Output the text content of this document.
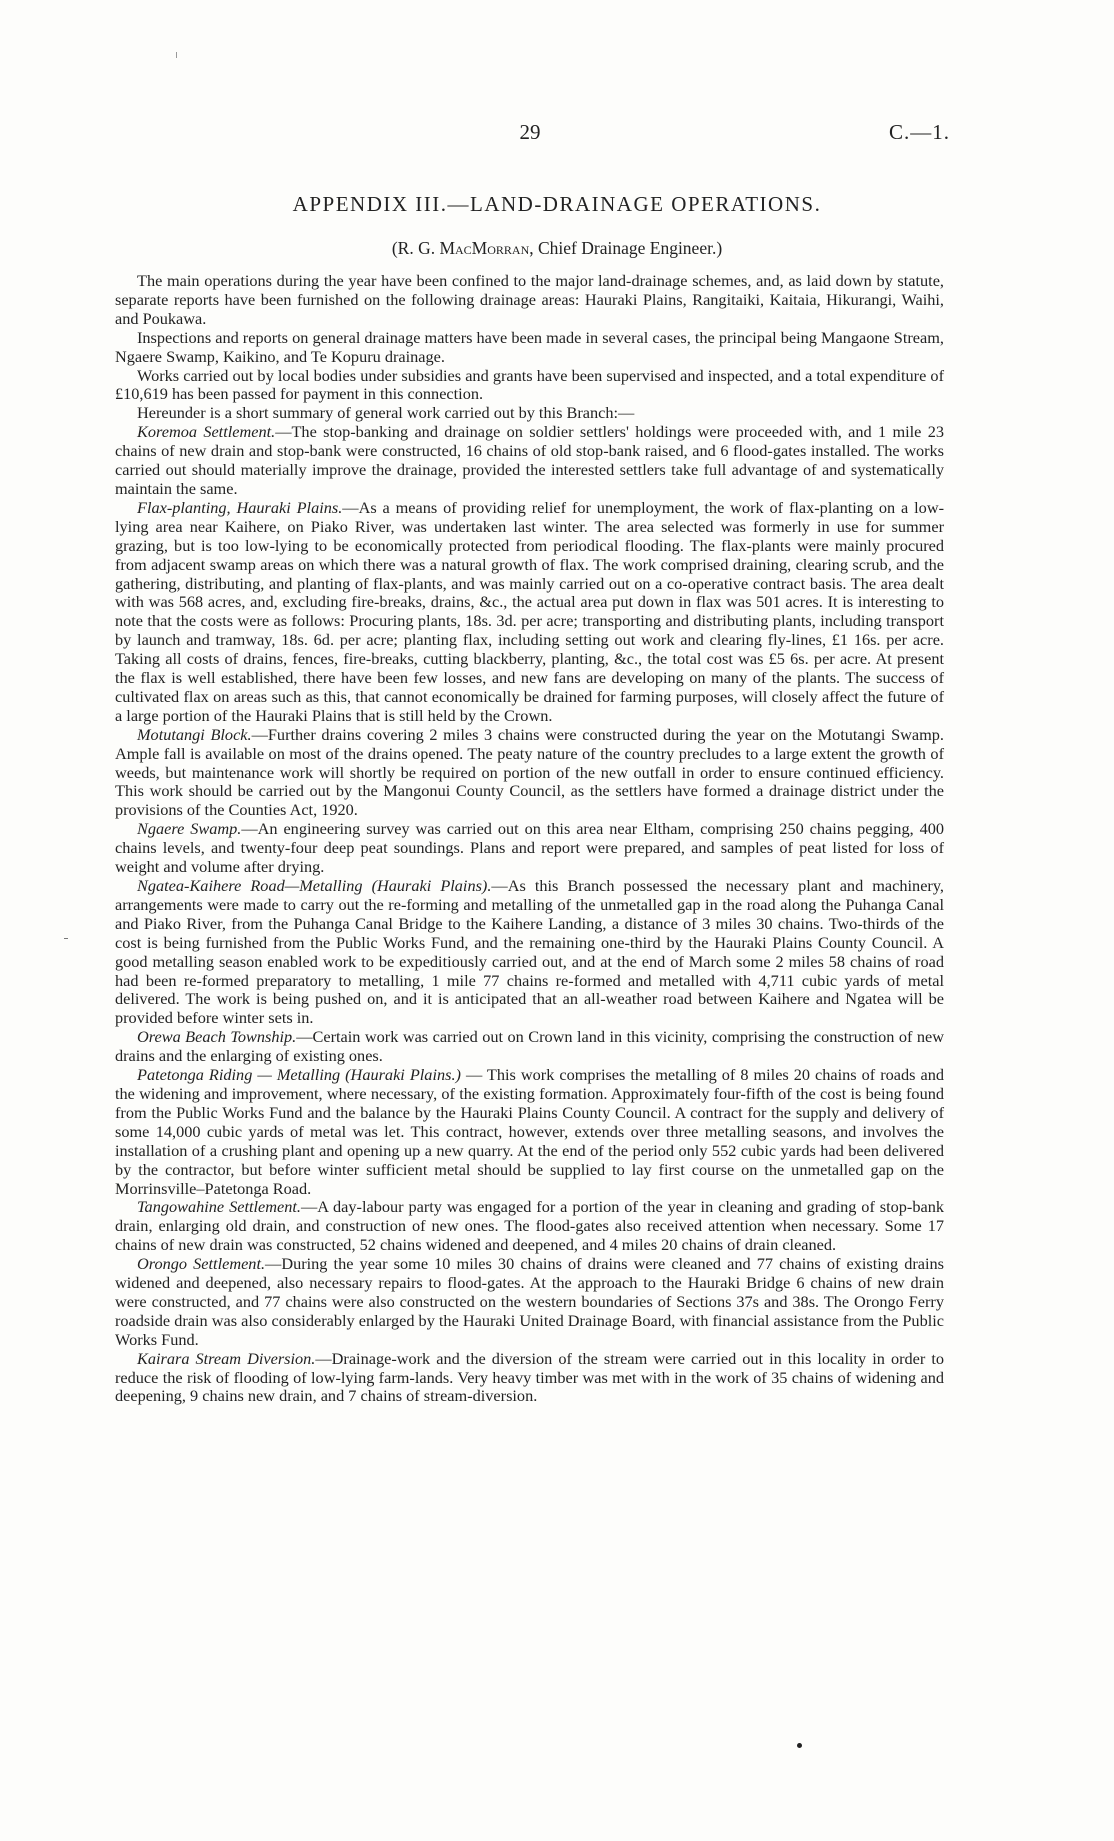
29	C.—1.
APPENDIX III.—LAND-DRAINAGE OPERATIONS.

(R. G. MacMorran, Chief Drainage Engineer.)

The main operations during the year have been confined to the major land-drainage schemes, and, as laid down by statute, separate reports have been furnished on the following drainage areas: Hauraki Plains, Rangitaiki, Kaitaia, Hikurangi, Waihi, and Poukawa.

Inspections and reports on general drainage matters have been made in several cases, the principal being Mangaone Stream, Ngaere Swamp, Kaikino, and Te Kopuru drainage.

Works carried out by local bodies under subsidies and grants have been supervised and inspected, and a total expenditure of £10,619 has been passed for payment in this connection.

Hereunder is a short summary of general work carried out by this Branch:—

Koremoa Settlement.—The stop-banking and drainage on soldier settlers' holdings were proceeded with, and 1 mile 23 chains of new drain and stop-bank were constructed, 16 chains of old stop-bank raised, and 6 flood-gates installed. The works carried out should materially improve the drainage, provided the interested settlers take full advantage of and systematically maintain the same.

Flax-planting, Hauraki Plains.—As a means of providing relief for unemployment, the work of flax-planting on a low-lying area near Kaihere, on Piako River, was undertaken last winter. The area selected was formerly in use for summer grazing, but is too low-lying to be economically protected from periodical flooding. The flax-plants were mainly procured from adjacent swamp areas on which there was a natural growth of flax. The work comprised draining, clearing scrub, and the gathering, distributing, and planting of flax-plants, and was mainly carried out on a co-operative contract basis. The area dealt with was 568 acres, and, excluding fire-breaks, drains, &c., the actual area put down in flax was 501 acres. It is interesting to note that the costs were as follows: Procuring plants, 18s. 3d. per acre; transporting and distributing plants, including transport by launch and tramway, 18s. 6d. per acre; planting flax, including setting out work and clearing fly-lines, £1 16s. per acre. Taking all costs of drains, fences, fire-breaks, cutting blackberry, planting, &c., the total cost was £5 6s. per acre. At present the flax is well established, there have been few losses, and new fans are developing on many of the plants. The success of cultivated flax on areas such as this, that cannot economically be drained for farming purposes, will closely affect the future of a large portion of the Hauraki Plains that is still held by the Crown.

Motutangi Block.—Further drains covering 2 miles 3 chains were constructed during the year on the Motutangi Swamp. Ample fall is available on most of the drains opened. The peaty nature of the country precludes to a large extent the growth of weeds, but maintenance work will shortly be required on portion of the new outfall in order to ensure continued efficiency. This work should be carried out by the Mangonui County Council, as the settlers have formed a drainage district under the provisions of the Counties Act, 1920.

Ngaere Swamp.—An engineering survey was carried out on this area near Eltham, comprising 250 chains pegging, 400 chains levels, and twenty-four deep peat soundings. Plans and report were prepared, and samples of peat listed for loss of weight and volume after drying.

Ngatea-Kaihere Road—Metalling (Hauraki Plains).—As this Branch possessed the necessary plant and machinery, arrangements were made to carry out the re-forming and metalling of the unmetalled gap in the road along the Puhanga Canal and Piako River, from the Puhanga Canal Bridge to the Kaihere Landing, a distance of 3 miles 30 chains. Two-thirds of the cost is being furnished from the Public Works Fund, and the remaining one-third by the Hauraki Plains County Council. A good metalling season enabled work to be expeditiously carried out, and at the end of March some 2 miles 58 chains of road had been re-formed preparatory to metalling, 1 mile 77 chains re-formed and metalled with 4,711 cubic yards of metal delivered. The work is being pushed on, and it is anticipated that an all-weather road between Kaihere and Ngatea will be provided before winter sets in.

Orewa Beach Township.—Certain work was carried out on Crown land in this vicinity, comprising the construction of new drains and the enlarging of existing ones.

Patetonga Riding — Metalling (Hauraki Plains.) — This work comprises the metalling of 8 miles 20 chains of roads and the widening and improvement, where necessary, of the existing formation. Approximately four-fifth of the cost is being found from the Public Works Fund and the balance by the Hauraki Plains County Council. A contract for the supply and delivery of some 14,000 cubic yards of metal was let. This contract, however, extends over three metalling seasons, and involves the installation of a crushing plant and opening up a new quarry. At the end of the period only 552 cubic yards had been delivered by the contractor, but before winter sufficient metal should be supplied to lay first course on the unmetalled gap on the Morrinsville–Patetonga Road.

Tangowahine Settlement.—A day-labour party was engaged for a portion of the year in cleaning and grading of stop-bank drain, enlarging old drain, and construction of new ones. The flood-gates also received attention when necessary. Some 17 chains of new drain was constructed, 52 chains widened and deepened, and 4 miles 20 chains of drain cleaned.

Orongo Settlement.—During the year some 10 miles 30 chains of drains were cleaned and 77 chains of existing drains widened and deepened, also necessary repairs to flood-gates. At the approach to the Hauraki Bridge 6 chains of new drain were constructed, and 77 chains were also constructed on the western boundaries of Sections 37s and 38s. The Orongo Ferry roadside drain was also considerably enlarged by the Hauraki United Drainage Board, with financial assistance from the Public Works Fund.

Kairara Stream Diversion.—Drainage-work and the diversion of the stream were carried out in this locality in order to reduce the risk of flooding of low-lying farm-lands. Very heavy timber was met with in the work of 35 chains of widening and deepening, 9 chains new drain, and 7 chains of stream-diversion.
